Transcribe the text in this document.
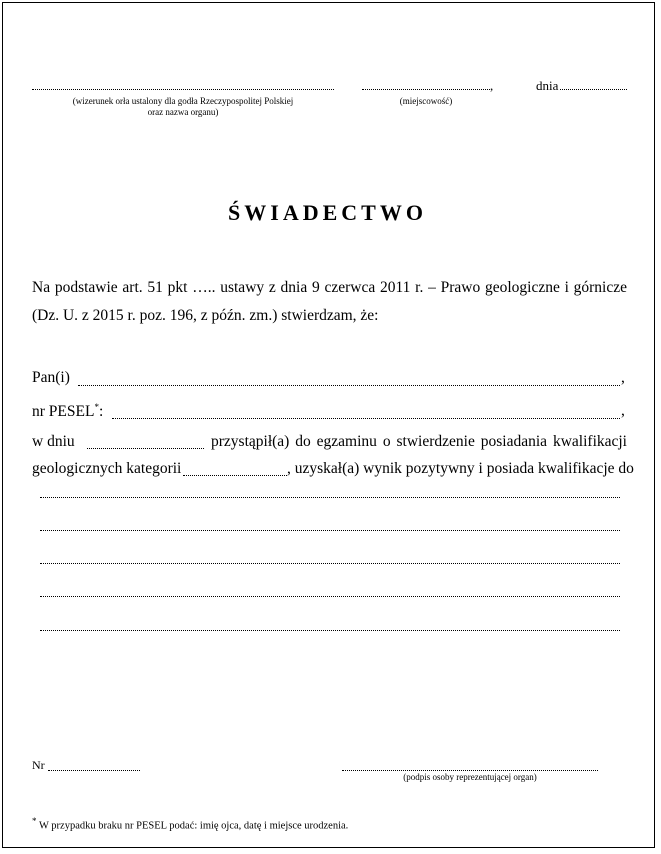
(wizerunek orła ustalony dla godła Rzeczypospolitej Polskiej
oraz nazwa organu)
(miejscowość)
,	dnia
ŚWIADECTWO
Na podstawie art. 51 pkt ….. ustawy z dnia 9 czerwca 2011 r. – Prawo geologiczne i górnicze
(Dz. U. z 2015 r. poz. 196, z późn. zm.) stwierdzam, że:
Pan(i)	,
nr PESEL*:	,
w dniu	przystąpił(a) do egzaminu o stwierdzenie posiadania kwalifikacji
geologicznych kategorii	, uzyskał(a) wynik pozytywny i posiada kwalifikacje do
Nr
(podpis osoby reprezentującej organ)
* W przypadku braku nr PESEL podać: imię ojca, datę i miejsce urodzenia.
